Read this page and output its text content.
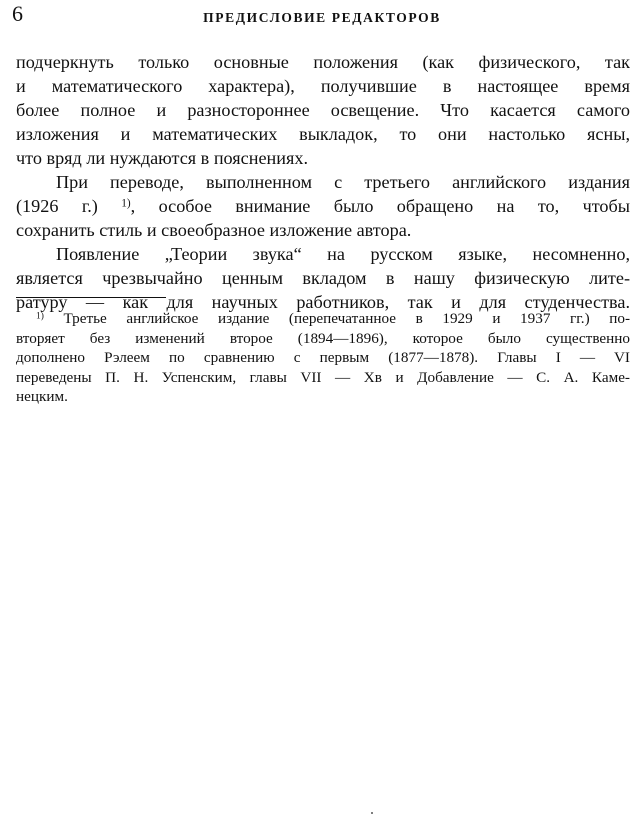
6	ПРЕДИСЛОВИЕ РЕДАКТОРОВ

подчеркнуть только основные положения (как физического, так
и математического характера), получившие в настоящее время
более полное и разностороннее освещение. Что касается самого
изложения и математических выкладок, то они настолько ясны,
что вряд ли нуждаются в пояснениях.

При переводе, выполненном с третьего английского издания
(1926 г.) $^{1)}$, особое внимание было обращено на то, чтобы
сохранить стиль и своеобразное изложение автора.

Появление „Теории звука“ на русском языке, несомненно,
является чрезвычайно ценным вкладом в нашу физическую лите-
ратуру — как для научных работников, так и для студенчества.

$^{1)}$ Третье английское издание (перепечатанное в 1929 и 1937 гг.) по-
вторяет без изменений второе (1894—1896), которое было существенно
дополнено Рэлеем по сравнению с первым (1877—1878). Главы I — VI
переведены П. Н. Успенским, главы VII — Xв и Добавление — С. А. Каме-
нецким.
